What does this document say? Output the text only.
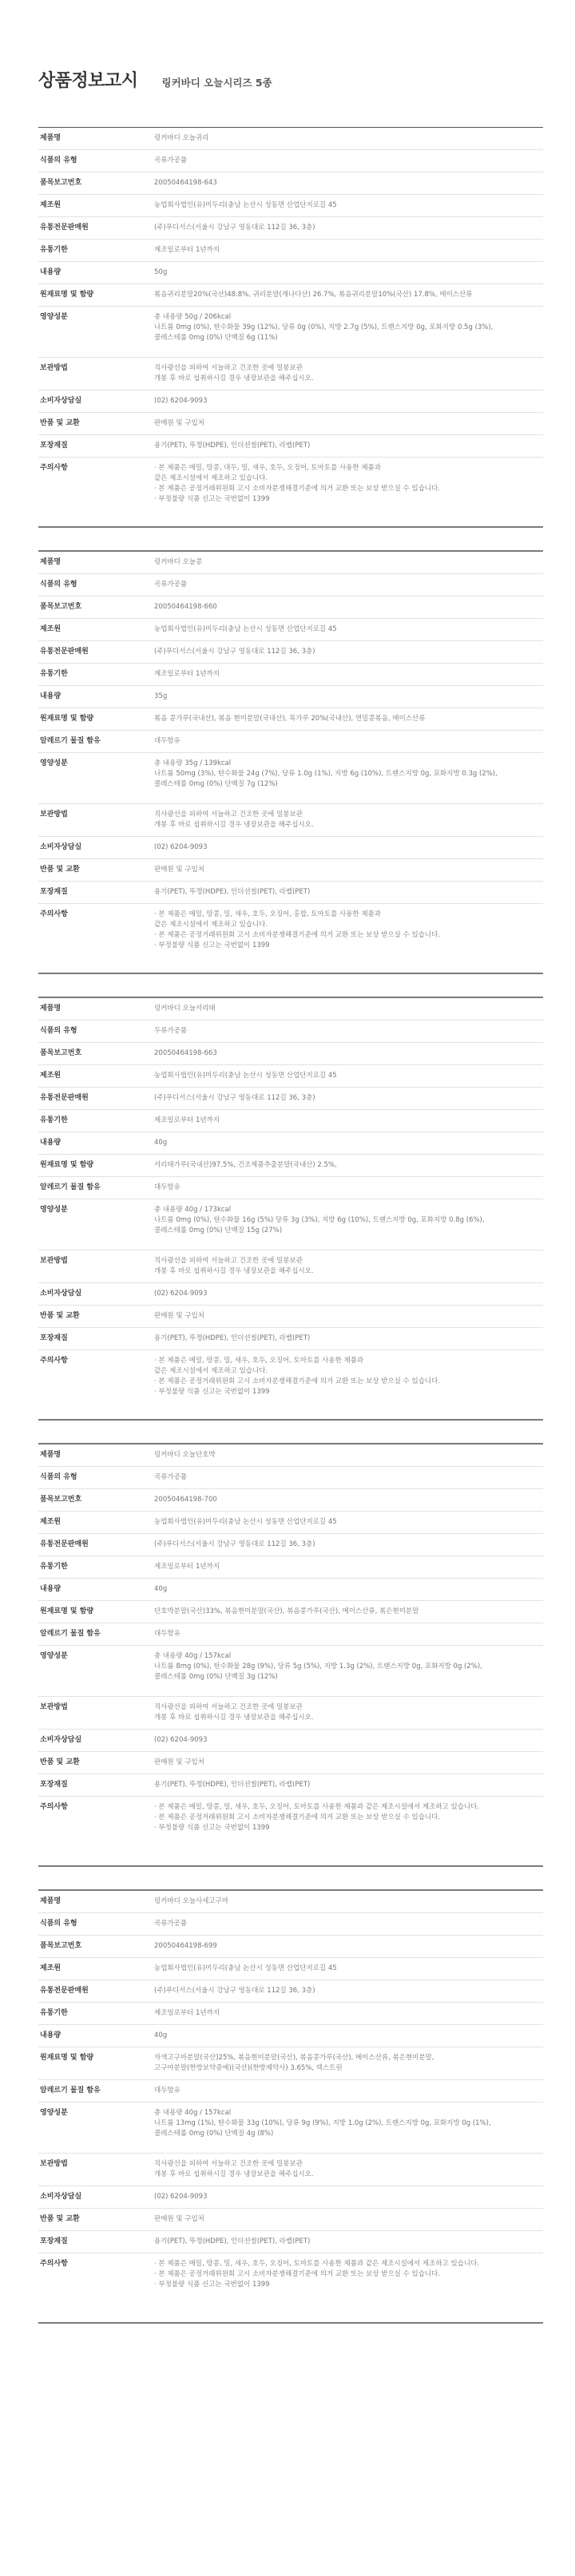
상품정보고시 링커바디 오늘시리즈 5종
제품명	링커바디 오늘귀리
식품의 유형	곡류가공품
품목보고번호	20050464198-643
제조원	농업회사법인(유)미두리(충남 논산시 성동면 산업단지로길 45
유통전문판매원	(주)푸디서스(서울시 강남구 영동대로 112길 36, 3층)
유통기한	제조일로부터 1년까지
내용량	50g
원재료명 및 함량	볶음귀리분말20%(국산)48.8%, 귀리분말(캐나다산) 26.7%, 볶음귀리분말10%(국산) 17.8%, 메이스산류
영양성분	총 내용량 50g / 206kcal
나트륨 0mg (0%), 탄수화물 39g (12%), 당류 0g (0%), 지방 2.7g (5%), 트랜스지방 0g, 포화지방 0.5g (3%),
콜레스테롤 0mg (0%) 단백질 6g (11%)
보관방법	직사광선을 피하여 서늘하고 건조한 곳에 밀봉보관
개봉 후 바로 섭취하시길 경우 냉장보관을 해주십시오.
소비자상담실	(02) 6204-9093
반품 및 교환	판매원 및 구입처
포장재질	용기(PET), 뚜껑(HDPE), 인더션씰(PET), 라벨(PET)
주의사항	· 본 제품은 메밀, 땅콩, 대두, 밀, 새우, 호두, 오징어, 토마토를 사용한 제품과
같은 제조시설에서 제조하고 있습니다.
· 본 제품은 공정거래위원회 고시 소비자분쟁해결기준에 의거 교환 또는 보상 받으실 수 있습니다.
· 부정불량 식품 신고는 국번없이 1399
제품명	링커바디 오늘콩
식품의 유형	곡류가공품
품목보고번호	20050464198-660
제조원	농업회사법인(유)미두리(충남 논산시 성동면 산업단지로길 45
유통전문판매원	(주)푸디서스(서울시 강남구 영동대로 112길 36, 3층)
유통기한	제조일로부터 1년까지
내용량	35g
원재료명 및 함량	볶음 콩가루(국내산), 볶음 현미분말(국내산), 목가루 20%(국내산), 연밀콩볶음, 메이스산류
알레르기 물질 함유	대두함유
영양성분	총 내용량 35g / 139kcal
나트륨 50mg (3%), 탄수화물 24g (7%), 당류 1.0g (1%), 지방 6g (10%), 트랜스지방 0g, 포화지방 0.3g (2%),
콜레스테롤 0mg (0%) 단백질 7g (12%)
보관방법	직사광선을 피하여 서늘하고 건조한 곳에 밀봉보관
개봉 후 바로 섭취하시길 경우 냉장보관을 해주십시오.
소비자상담실	(02) 6204-9093
반품 및 교환	판매원 및 구입처
포장재질	용기(PET), 뚜껑(HDPE), 인더션씰(PET), 라벨(PET)
주의사항	· 본 제품은 메밀, 땅콩, 밀, 새우, 호두, 오징어, 홍합, 토마토를 사용한 제품과
같은 제조시설에서 제조하고 있습니다.
· 본 제품은 공정거래위원회 고시 소비자분쟁해결기준에 의거 교환 또는 보상 받으실 수 있습니다.
· 부정불량 식품 신고는 국번없이 1399
제품명	링커바디 오늘서리태
식품의 유형	두류가공품
품목보고번호	20050464198-663
제조원	농업회사법인(유)미두리(충남 논산시 성동면 산업단지로길 45
유통전문판매원	(주)푸디서스(서울시 강남구 영동대로 112길 36, 3층)
유통기한	제조일로부터 1년까지
내용량	40g
원재료명 및 함량	서리태가루(국내산)97.5%, 건조제품추출분말(국내산) 2.5%,
알레르기 물질 함유	대두함유
영양성분	총 내용량 40g / 173kcal
나트륨 0mg (0%), 탄수화물 16g (5%) 당류 3g (3%), 지방 6g (10%), 트랜스지방 0g, 포화지방 0.8g (6%),
콜레스테롤 0mg (0%) 단백질 15g (27%)
보관방법	직사광선을 피하여 서늘하고 건조한 곳에 밀봉보관
개봉 후 바로 섭취하시길 경우 냉장보관을 해주십시오.
소비자상담실	(02) 6204-9093
반품 및 교환	판매원 및 구입처
포장재질	용기(PET), 뚜껑(HDPE), 인더션씰(PET), 라벨(PET)
주의사항	· 본 제품은 메밀, 땅콩, 밀, 새우, 호두, 오징어, 토마토를 사용한 제품과
같은 제조시설에서 제조하고 있습니다.
· 본 제품은 공정거래위원회 고시 소비자분쟁해결기준에 의거 교환 또는 보상 받으실 수 있습니다.
· 부정불량 식품 신고는 국번없이 1399
제품명	링커바디 오늘단호박
식품의 유형	곡류가공품
품목보고번호	20050464198-700
제조원	농업회사법인(유)미두리(충남 논산시 성동면 산업단지로길 45
유통전문판매원	(주)푸디서스(서울시 강남구 영동대로 112길 36, 3층)
유통기한	제조일로부터 1년까지
내용량	40g
원재료명 및 함량	단호박분말(국산)33%, 볶음현미분말(국산), 볶음콩가루(국산), 메이스산류, 볶은현미분말
알레르기 물질 함유	대두함유
영양성분	총 내용량 40g / 157kcal
나트륨 8mg (0%), 탄수화물 28g (9%), 당류 5g (5%), 지방 1.3g (2%), 트랜스지방 0g, 포화지방 0g (2%),
콜레스테롤 0mg (0%) 단백질 3g (12%)
보관방법	직사광선을 피하여 서늘하고 건조한 곳에 밀봉보관
개봉 후 바로 섭취하시길 경우 냉장보관을 해주십시오.
소비자상담실	(02) 6204-9093
반품 및 교환	판매원 및 구입처
포장재질	용기(PET), 뚜껑(HDPE), 인더션씰(PET), 라벨(PET)
주의사항	· 본 제품은 메밀, 땅콩, 밀, 새우, 호두, 오징어, 토마토를 사용한 제품과 같은 제조시설에서 제조하고 있습니다.
· 본 제품은 공정거래위원회 고시 소비자분쟁해결기준에 의거 교환 또는 보상 받으실 수 있습니다.
· 부정불량 식품 신고는 국번없이 1399
제품명	링커바디 오늘사세고구마
식품의 유형	곡류가공품
품목보고번호	20050464198-699
제조원	농업회사법인(유)미두리(충남 논산시 성동면 산업단지로길 45
유통전문판매원	(주)푸디서스(서울시 강남구 영동대로 112길 36, 3층)
유통기한	제조일로부터 1년까지
내용량	40g
원재료명 및 함량	자색고구마분말(국산)25%, 볶음현미분말(국산), 볶음콩가루(국산), 메이스산류, 볶은현미분말,
고구마분말(한방보약증예)(국산)(한방제약사) 3.65%, 덱스트린
알레르기 물질 함유	대두함유
영양성분	총 내용량 40g / 157kcal
나트륨 13mg (1%), 탄수화물 33g (10%), 당류 9g (9%), 지방 1.0g (2%), 트랜스지방 0g, 포화지방 0g (1%),
콜레스테롤 0mg (0%) 단백질 4g (8%)
보관방법	직사광선을 피하여 서늘하고 건조한 곳에 밀봉보관
개봉 후 바로 섭취하시길 경우 냉장보관을 해주십시오.
소비자상담실	(02) 6204-9093
반품 및 교환	판매원 및 구입처
포장재질	용기(PET), 뚜껑(HDPE), 인더션씰(PET), 라벨(PET)
주의사항	· 본 제품은 메밀, 땅콩, 밀, 새우, 호두, 오징어, 토마토를 사용한 제품과 같은 제조시설에서 제조하고 있습니다.
· 본 제품은 공정거래위원회 고시 소비자분쟁해결기준에 의거 교환 또는 보상 받으실 수 있습니다.
· 부정불량 식품 신고는 국번없이 1399
